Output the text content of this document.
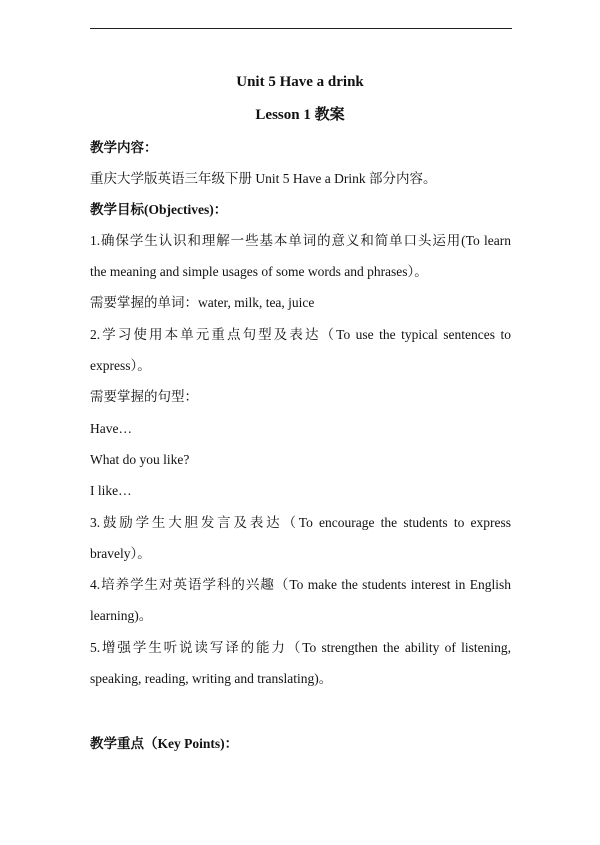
Unit 5 Have a drink
Lesson 1 教案
教学内容：
重庆大学版英语三年级下册 Unit 5 Have a Drink 部分内容。
教学目标(Objectives)：
1.确保学生认识和理解一些基本单词的意义和简单口头运用(To learn
the meaning and simple usages of some words and phrases）。
需要掌握的单词：water, milk, tea, juice
2.学习使用本单元重点句型及表达（To use the typical sentences to
express）。
需要掌握的句型：
Have…
What do you like?
I like…
3.鼓励学生大胆发言及表达（To encourage the students to express
bravely）。
4.培养学生对英语学科的兴趣（To make the students interest in English
learning)。
5.增强学生听说读写译的能力（To strengthen the ability of listening,
speaking, reading, writing and translating)。
教学重点（Key Points)：
